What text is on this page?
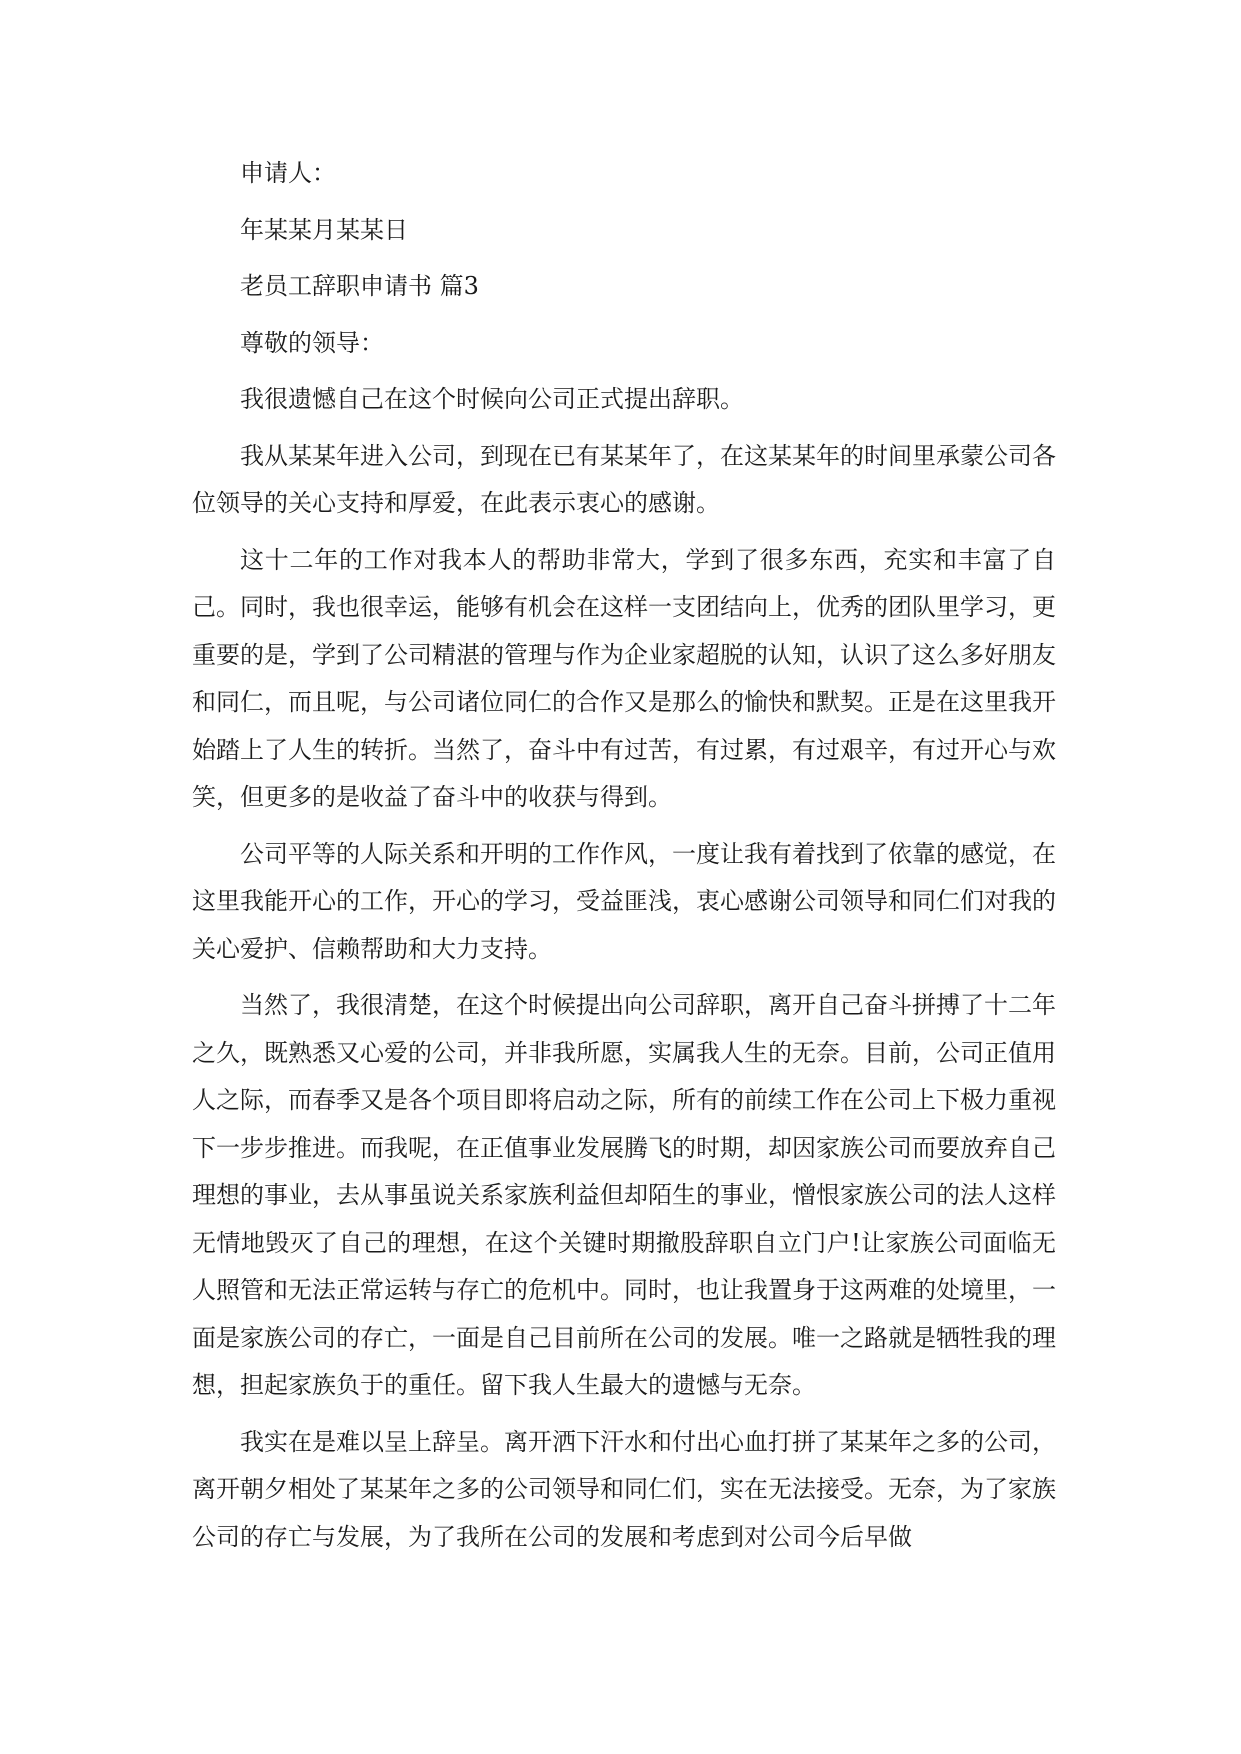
申请人：

年某某月某某日

老员工辞职申请书 篇3

尊敬的领导：

我很遗憾自己在这个时候向公司正式提出辞职。

我从某某年进入公司，到现在已有某某年了，在这某某年的时间里承蒙公司各位领导的关心支持和厚爱，在此表示衷心的感谢。

这十二年的工作对我本人的帮助非常大，学到了很多东西，充实和丰富了自己。同时，我也很幸运，能够有机会在这样一支团结向上，优秀的团队里学习，更重要的是，学到了公司精湛的管理与作为企业家超脱的认知，认识了这么多好朋友和同仁，而且呢，与公司诸位同仁的合作又是那么的愉快和默契。正是在这里我开始踏上了人生的转折。当然了，奋斗中有过苦，有过累，有过艰辛，有过开心与欢笑，但更多的是收益了奋斗中的收获与得到。

公司平等的人际关系和开明的工作作风，一度让我有着找到了依靠的感觉，在这里我能开心的工作，开心的学习，受益匪浅，衷心感谢公司领导和同仁们对我的关心爱护、信赖帮助和大力支持。

当然了，我很清楚，在这个时候提出向公司辞职，离开自己奋斗拼搏了十二年之久，既熟悉又心爱的公司，并非我所愿，实属我人生的无奈。目前，公司正值用人之际，而春季又是各个项目即将启动之际，所有的前续工作在公司上下极力重视下一步步推进。而我呢，在正值事业发展腾飞的时期，却因家族公司而要放弃自己理想的事业，去从事虽说关系家族利益但却陌生的事业，憎恨家族公司的法人这样无情地毁灭了自己的理想，在这个关键时期撤股辞职自立门户!让家族公司面临无人照管和无法正常运转与存亡的危机中。同时，也让我置身于这两难的处境里，一面是家族公司的存亡，一面是自己目前所在公司的发展。唯一之路就是牺牲我的理想，担起家族负于的重任。留下我人生最大的遗憾与无奈。

我实在是难以呈上辞呈。离开洒下汗水和付出心血打拼了某某年之多的公司，离开朝夕相处了某某年之多的公司领导和同仁们，实在无法接受。无奈，为了家族公司的存亡与发展，为了我所在公司的发展和考虑到对公司今后早做
